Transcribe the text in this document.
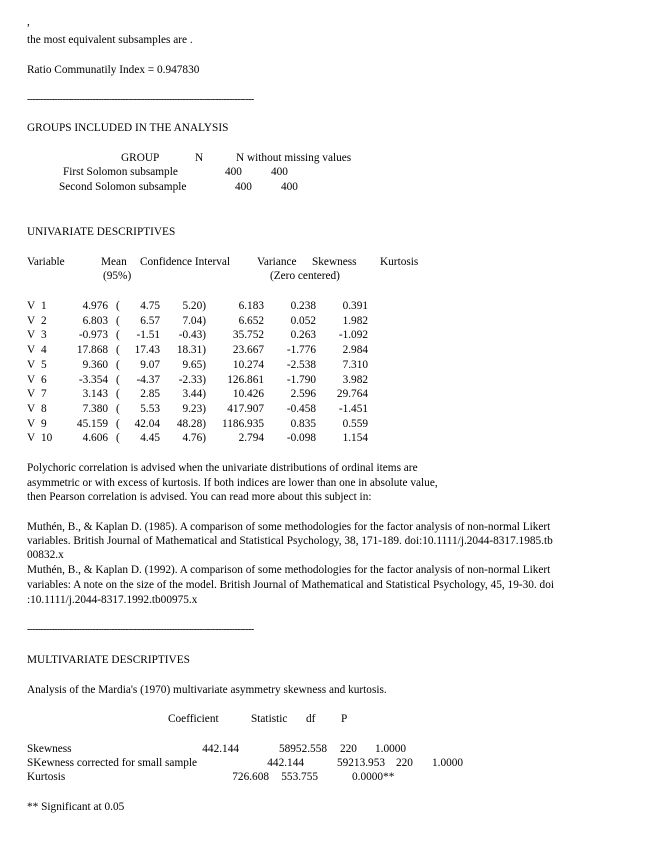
,
the most equivalent subsamples are .
Ratio Communatily Index = 0.947830
-----------------------------------------------------------------------------------
GROUPS INCLUDED IN THE ANALYSIS
GROUP	N	N without missing values
First Solomon subsample	400	400
Second Solomon subsample	400	400
UNIVARIATE DESCRIPTIVES
Variable	Mean Confidence Interval Variance Skewness Kurtosis
(95%)	(Zero centered)
V 1	4.976 (	4.75	5.20)	6.183	0.238	0.391
V 2	6.803 (	6.57	7.04)	6.652	0.052	1.982
V 3	-0.973 (	-1.51	-0.43)	35.752	0.263	-1.092
V 4	17.868 (	17.43	18.31)	23.667	-1.776	2.984
V 5	9.360 (	9.07	9.65)	10.274	-2.538	7.310
V 6	-3.354 (	-4.37	-2.33)	126.861	-1.790	3.982
V 7	3.143 (	2.85	3.44)	10.426	2.596	29.764
V 8	7.380 (	5.53	9.23)	417.907	-0.458	-1.451
V 9	45.159 (	42.04	48.28)	1186.935	0.835	0.559
V 10	4.606 (	4.45	4.76)	2.794	-0.098	1.154
Polychoric correlation is advised when the univariate distributions of ordinal items are
asymmetric or with excess of kurtosis. If both indices are lower than one in absolute value,
then Pearson correlation is advised. You can read more about this subject in:
Muthén, B., & Kaplan D. (1985). A comparison of some methodologies for the factor analysis of non-normal Likert
variables. British Journal of Mathematical and Statistical Psychology, 38, 171-189. doi:10.1111/j.2044-8317.1985.tb
00832.x
Muthén, B., & Kaplan D. (1992). A comparison of some methodologies for the factor analysis of non-normal Likert
variables: A note on the size of the model. British Journal of Mathematical and Statistical Psychology, 45, 19-30. doi
:10.1111/j.2044-8317.1992.tb00975.x
-----------------------------------------------------------------------------------
MULTIVARIATE DESCRIPTIVES
Analysis of the Mardia's (1970) multivariate asymmetry skewness and kurtosis.
Coefficient	Statistic df P
Skewness	442.144	58952.558 220 1.0000
SKewness corrected for small sample	442.144	59213.953 220 1.0000
Kurtosis	726.608	553.755	0.0000**
** Significant at 0.05
